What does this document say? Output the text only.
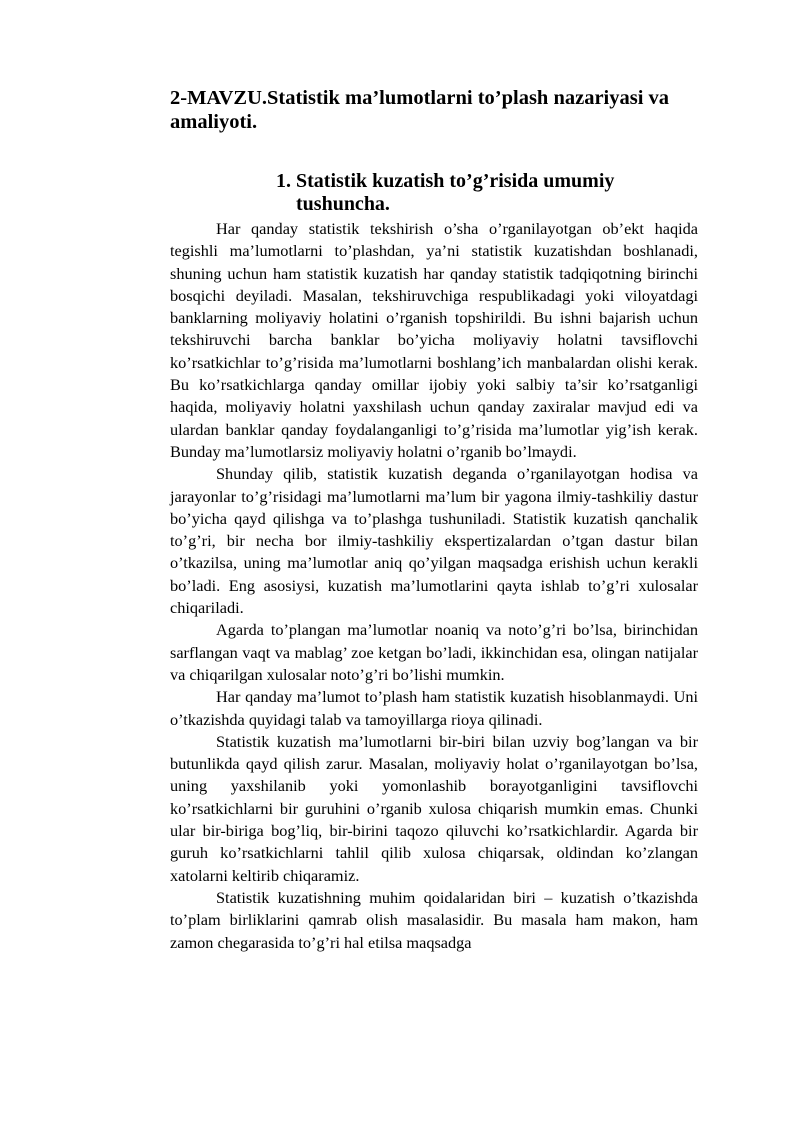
2-MAVZU.Statistik ma’lumotlarni to’plash nazariyasi va amaliyoti.
1. Statistik kuzatish to’g’risida umumiy tushuncha.

Har qanday statistik tekshirish o’sha o’rganilayotgan ob’ekt haqida tegishli ma’lumotlarni to’plashdan, ya’ni statistik kuzatishdan boshlanadi, shuning uchun ham statistik kuzatish har qanday statistik tadqiqotning birinchi bosqichi deyiladi. Masalan, tekshiruvchiga respublikadagi yoki viloyatdagi banklarning moliyaviy holatini o’rganish topshirildi. Bu ishni bajarish uchun tekshiruvchi barcha banklar bo’yicha moliyaviy holatni tavsiflovchi ko’rsatkichlar to’g’risida ma’lumotlarni boshlang’ich manbalardan olishi kerak. Bu ko’rsatkichlarga qanday omillar ijobiy yoki salbiy ta’sir ko’rsatganligi haqida, moliyaviy holatni yaxshilash uchun qanday zaxiralar mavjud edi va ulardan banklar qanday foydalanganligi to’g’risida ma’lumotlar yig’ish kerak. Bunday ma’lumotlarsiz moliyaviy holatni o’rganib bo’lmaydi.

Shunday qilib, statistik kuzatish deganda o’rganilayotgan hodisa va jarayonlar to’g’risidagi ma’lumotlarni ma’lum bir yagona ilmiy-tashkiliy dastur bo’yicha qayd qilishga va to’plashga tushuniladi. Statistik kuzatish qanchalik to’g’ri, bir necha bor ilmiy-tashkiliy ekspertizalardan o’tgan dastur bilan o’tkazilsa, uning ma’lumotlar aniq qo’yilgan maqsadga erishish uchun kerakli bo’ladi. Eng asosiysi, kuzatish ma’lumotlarini qayta ishlab to’g’ri xulosalar chiqariladi.

Agarda to’plangan ma’lumotlar noaniq va noto’g’ri bo’lsa, birinchidan sarflangan vaqt va mablag’ zoe ketgan bo’ladi, ikkinchidan esa, olingan natijalar va chiqarilgan xulosalar noto’g’ri bo’lishi mumkin.

Har qanday ma’lumot to’plash ham statistik kuzatish hisoblanmaydi. Uni o’tkazishda quyidagi talab va tamoyillarga rioya qilinadi.

Statistik kuzatish ma’lumotlarni bir-biri bilan uzviy bog’langan va bir butunlikda qayd qilish zarur. Masalan, moliyaviy holat o’rganilayotgan bo’lsa, uning yaxshilanib yoki yomonlashib borayotganligini tavsiflovchi ko’rsatkichlarni bir guruhini o’rganib xulosa chiqarish mumkin emas. Chunki ular bir-biriga bog’liq, bir-birini taqozo qiluvchi ko’rsatkichlardir. Agarda bir guruh ko’rsatkichlarni tahlil qilib xulosa chiqarsak, oldindan ko’zlangan xatolarni keltirib chiqaramiz.

Statistik kuzatishning muhim qoidalaridan biri – kuzatish o’tkazishda to’plam birliklarini qamrab olish masalasidir. Bu masala ham makon, ham zamon chegarasida to’g’ri hal etilsa maqsadga
